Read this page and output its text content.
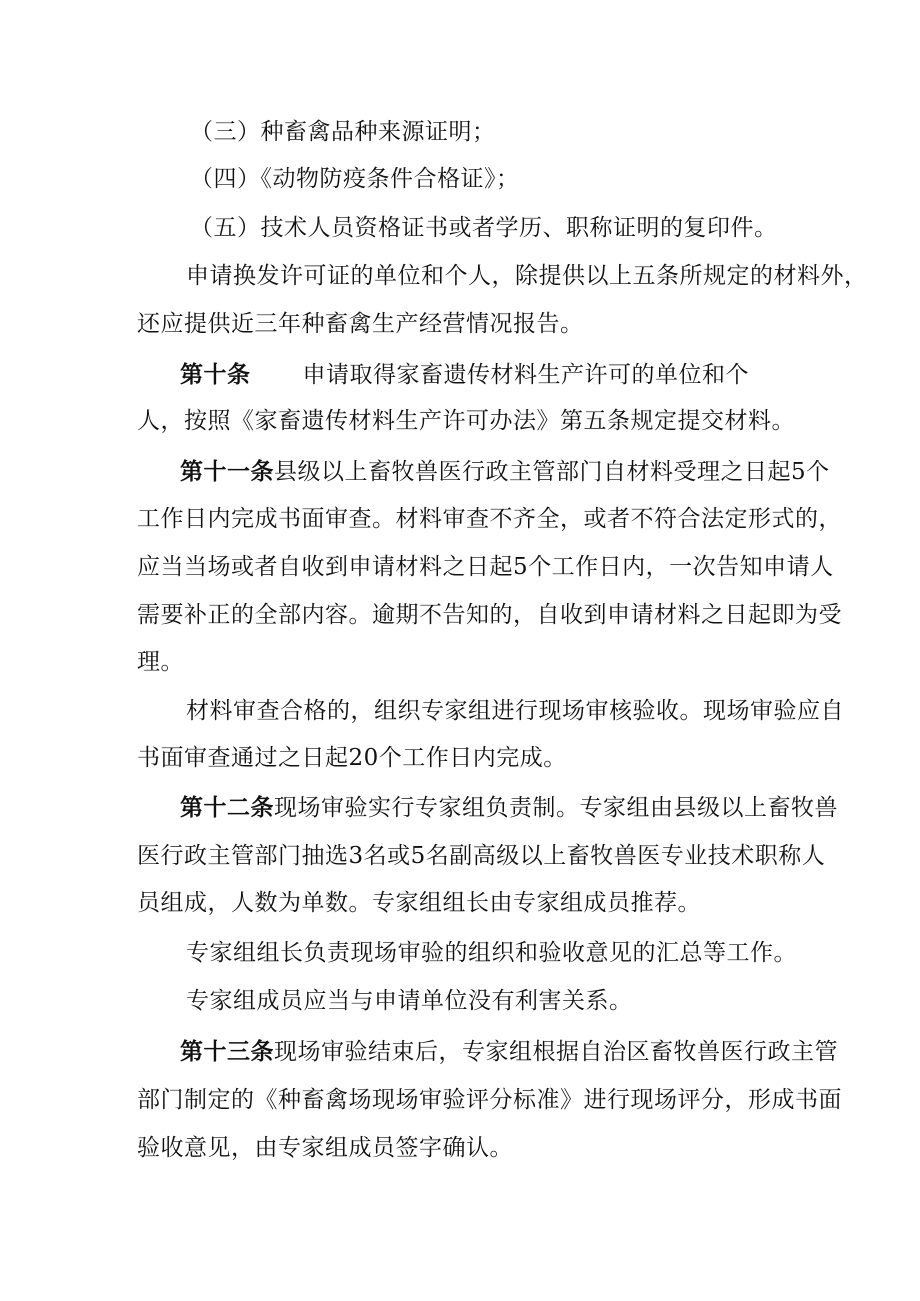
（三）种畜禽品种来源证明；
（四）《动物防疫条件合格证》；
（五）技术人员资格证书或者学历、职称证明的复印件。
申请换发许可证的单位和个人，除提供以上五条所规定的材料外，
还应提供近三年种畜禽生产经营情况报告。
第十条 申请取得家畜遗传材料生产许可的单位和个
人，按照《家畜遗传材料生产许可办法》第五条规定提交材料。
第十一条县级以上畜牧兽医行政主管部门自材料受理之日起5个
工作日内完成书面审查。材料审查不齐全，或者不符合法定形式的，
应当当场或者自收到申请材料之日起5个工作日内，一次告知申请人
需要补正的全部内容。逾期不告知的，自收到申请材料之日起即为受
理。
材料审查合格的，组织专家组进行现场审核验收。现场审验应自
书面审查通过之日起20个工作日内完成。
第十二条现场审验实行专家组负责制。专家组由县级以上畜牧兽
医行政主管部门抽选3名或5名副高级以上畜牧兽医专业技术职称人
员组成，人数为单数。专家组组长由专家组成员推荐。
专家组组长负责现场审验的组织和验收意见的汇总等工作。
专家组成员应当与申请单位没有利害关系。
第十三条现场审验结束后，专家组根据自治区畜牧兽医行政主管
部门制定的《种畜禽场现场审验评分标准》进行现场评分，形成书面
验收意见，由专家组成员签字确认。
